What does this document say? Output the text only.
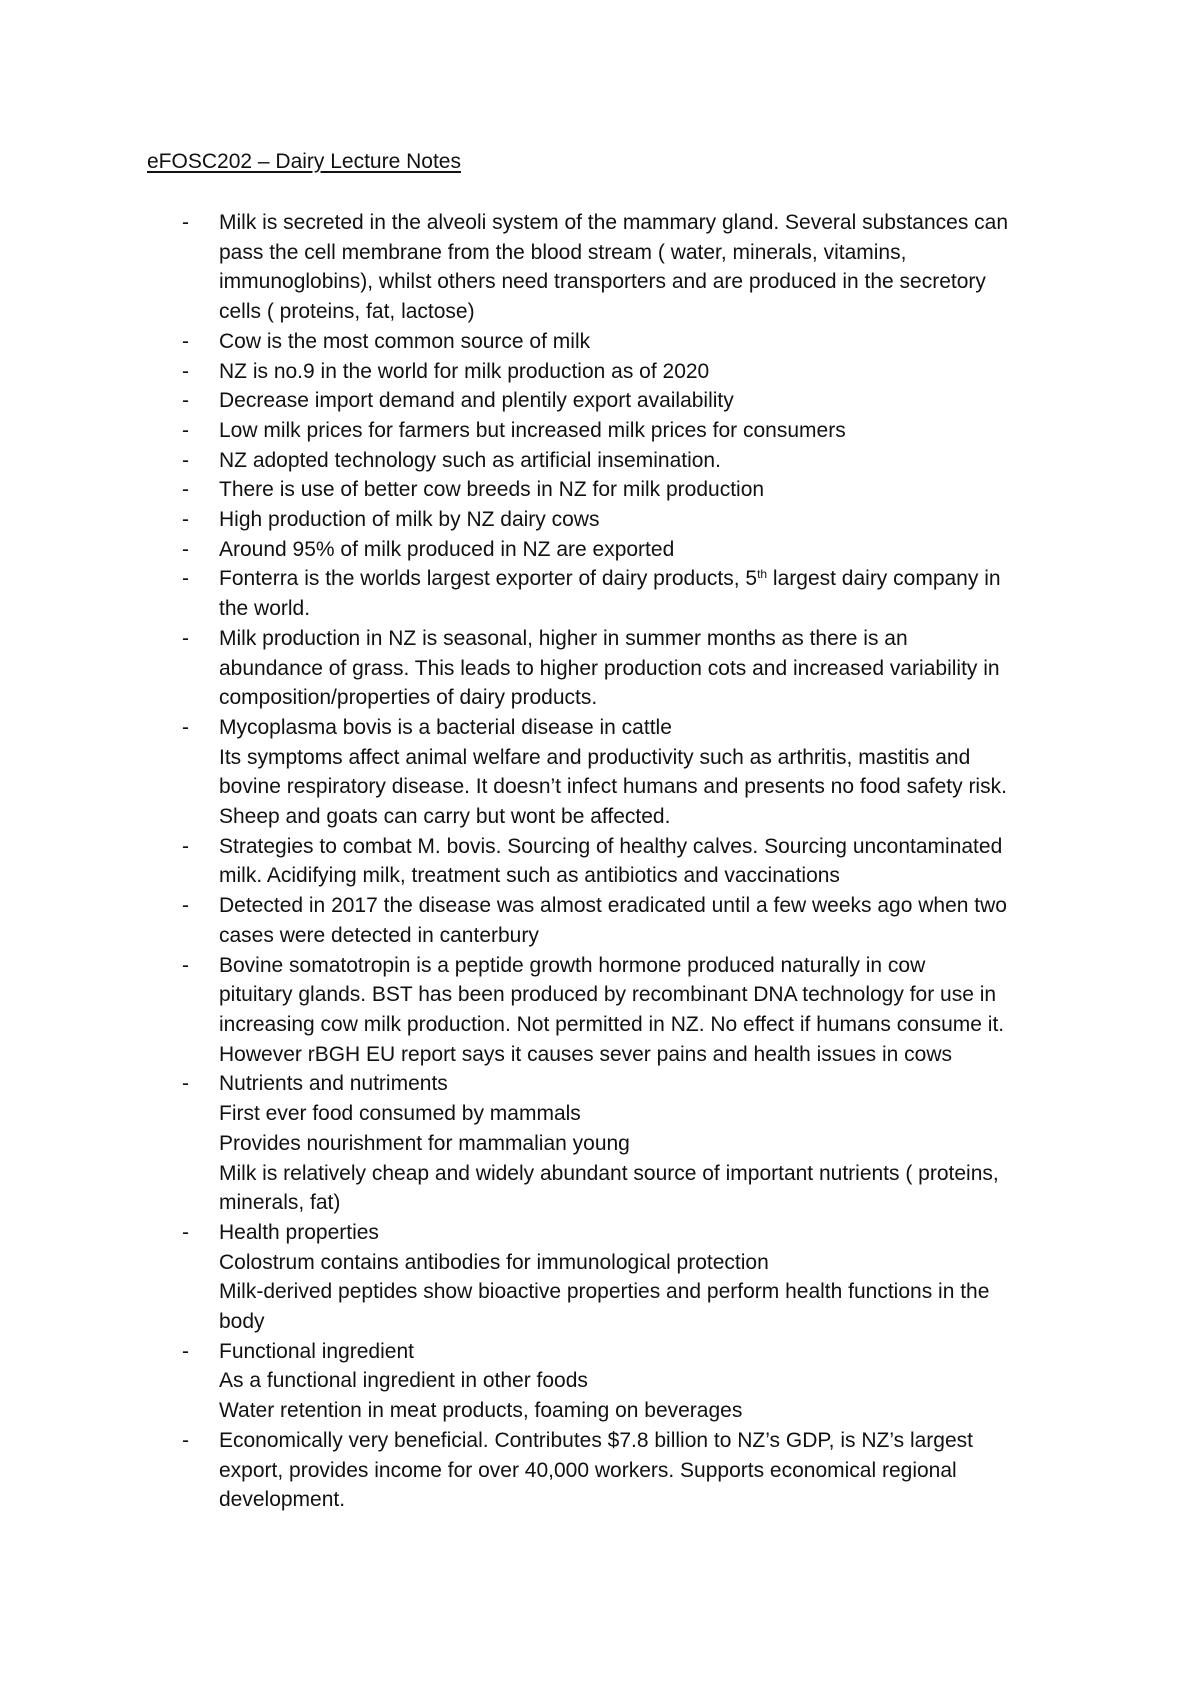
eFOSC202 – Dairy Lecture Notes
- Milk is secreted in the alveoli system of the mammary gland. Several substances can
pass the cell membrane from the blood stream ( water, minerals, vitamins,
immunoglobins), whilst others need transporters and are produced in the secretory
cells ( proteins, fat, lactose)
- Cow is the most common source of milk
- NZ is no.9 in the world for milk production as of 2020
- Decrease import demand and plentily export availability
- Low milk prices for farmers but increased milk prices for consumers
- NZ adopted technology such as artificial insemination.
- There is use of better cow breeds in NZ for milk production
- High production of milk by NZ dairy cows
- Around 95% of milk produced in NZ are exported
- Fonterra is the worlds largest exporter of dairy products, 5th largest dairy company in
the world.
- Milk production in NZ is seasonal, higher in summer months as there is an
abundance of grass. This leads to higher production cots and increased variability in
composition/properties of dairy products.
- Mycoplasma bovis is a bacterial disease in cattle
Its symptoms affect animal welfare and productivity such as arthritis, mastitis and
bovine respiratory disease. It doesn’t infect humans and presents no food safety risk.
Sheep and goats can carry but wont be affected.
- Strategies to combat M. bovis. Sourcing of healthy calves. Sourcing uncontaminated
milk. Acidifying milk, treatment such as antibiotics and vaccinations
- Detected in 2017 the disease was almost eradicated until a few weeks ago when two
cases were detected in canterbury
- Bovine somatotropin is a peptide growth hormone produced naturally in cow
pituitary glands. BST has been produced by recombinant DNA technology for use in
increasing cow milk production. Not permitted in NZ. No effect if humans consume it.
However rBGH EU report says it causes sever pains and health issues in cows
- Nutrients and nutriments
First ever food consumed by mammals
Provides nourishment for mammalian young
Milk is relatively cheap and widely abundant source of important nutrients ( proteins,
minerals, fat)
- Health properties
Colostrum contains antibodies for immunological protection
Milk-derived peptides show bioactive properties and perform health functions in the
body
- Functional ingredient
As a functional ingredient in other foods
Water retention in meat products, foaming on beverages
- Economically very beneficial. Contributes $7.8 billion to NZ’s GDP, is NZ’s largest
export, provides income for over 40,000 workers. Supports economical regional
development.
